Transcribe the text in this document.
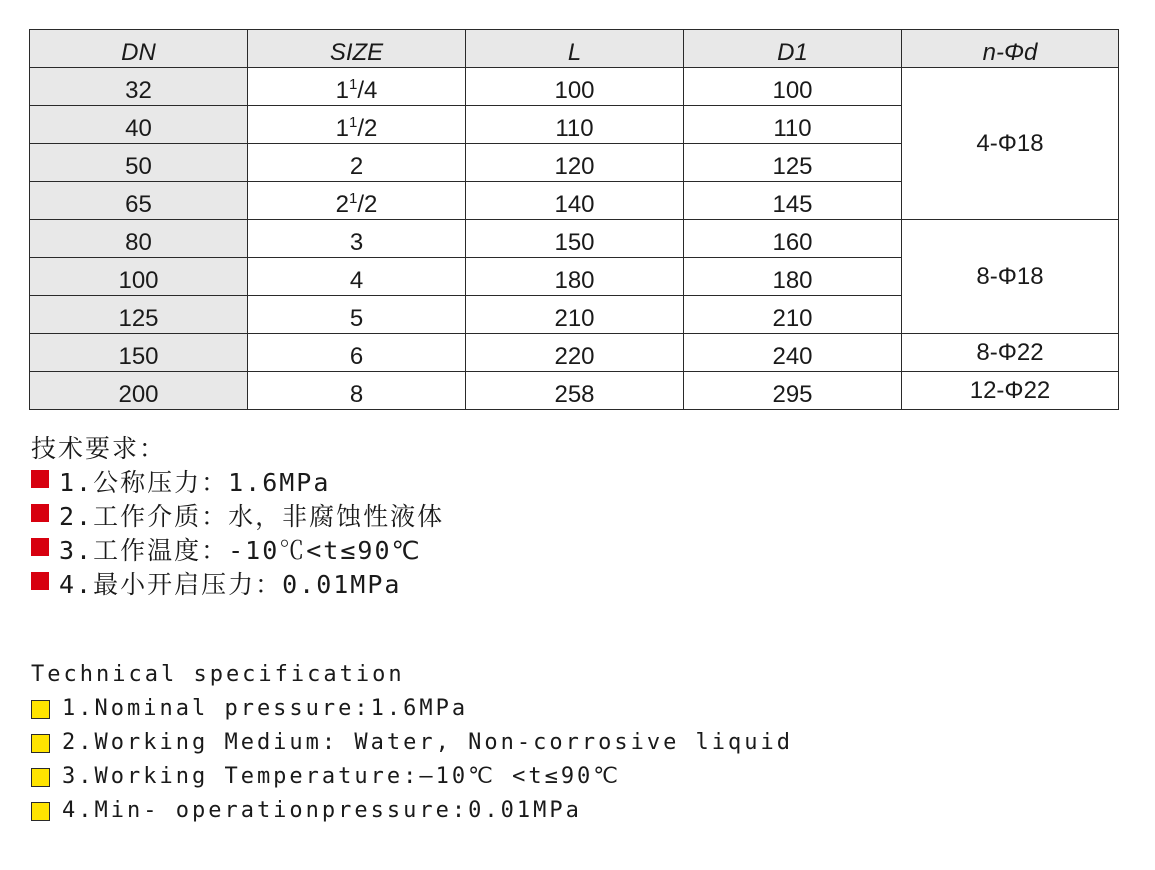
DN	SIZE	L	D1	n-Φd
32	$1^1/4$	100	100	4-Φ18
40	$1^1/2$	110	110	
50	2	120	125	
65	$2^1/2$	140	145	
80	3	150	160	8-Φ18
100	4	180	180	
125	5	210	210	
150	6	220	240	8-Φ22
200	8	258	295	12-Φ22
技术要求：
1.公称压力：1.6MPa
2.工作介质：水，非腐蚀性液体
3.工作温度：-10℃<t≤90℃
4.最小开启压力：0.01MPa
Technical specification
1.Nominal pressure:1.6MPa
2.Working Medium: Water, Non-corrosive liquid
3.Working Temperature:—10℃ <t≤90℃
4.Min- operationpressure:0.01MPa
